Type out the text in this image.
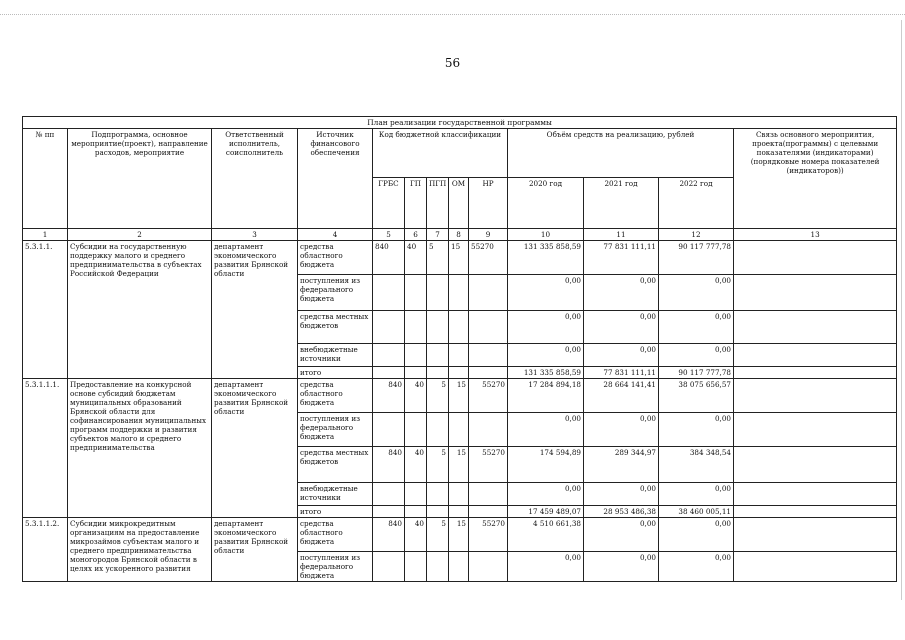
56
План реализации государственной программы												
№ пп	Подпрограмма, основное мероприятие(проект), направление расходов, мероприятие	Ответственный исполнитель, соисполнитель	Источник финансового обеспечения	Код бюджетной классификации					Объём средств на реализацию, рублей			Связь основного мероприятия, проекта(программы) с целевыми показателями (индикаторами) (порядковые номера показателей (индикаторов))
				ГРБС	ГП	ПГП	ОМ	НР	2020 год	2021 год	2022 год	
1	2	3	4	5	6	7	8	9	10	11	12	13
5.3.1.1.	Субсидии на государственную поддержку малого и среднего предпринимательства в субъектах Российской Федерации	департамент экономического развития Брянской области	средства областного бюджета	840	40	5	15	55270	131 335 858,59	77 831 111,11	90 117 777,78	
			поступления из федерального бюджета						0,00	0,00	0,00	
			средства местных бюджетов						0,00	0,00	0,00	
			внебюджетные источники						0,00	0,00	0,00	
			итого						131 335 858,59	77 831 111,11	90 117 777,78	
5.3.1.1.1.	Предоставление на конкурсной основе субсидий бюджетам муниципальных образований Брянской области для софинансирования муниципальных программ поддержки и развития субъектов малого и среднего предпринимательства	департамент экономического развития Брянской области	средства областного бюджета	840	40	5	15	55270	17 284 894,18	28 664 141,41	38 075 656,57	
			поступления из федерального бюджета						0,00	0,00	0,00	
			средства местных бюджетов	840	40	5	15	55270	174 594,89	289 344,97	384 348,54	
			внебюджетные источники						0,00	0,00	0,00	
			итого						17 459 489,07	28 953 486,38	38 460 005,11	
5.3.1.1.2.	Субсидии микрокредитным организациям на предоставление микрозаймов субъектам малого и среднего предпринимательства моногородов Брянской области в целях их ускоренного развития	департамент экономического развития Брянской области	средства областного бюджета	840	40	5	15	55270	4 510 661,38	0,00	0,00	
			поступления из федерального бюджета						0,00	0,00	0,00	
